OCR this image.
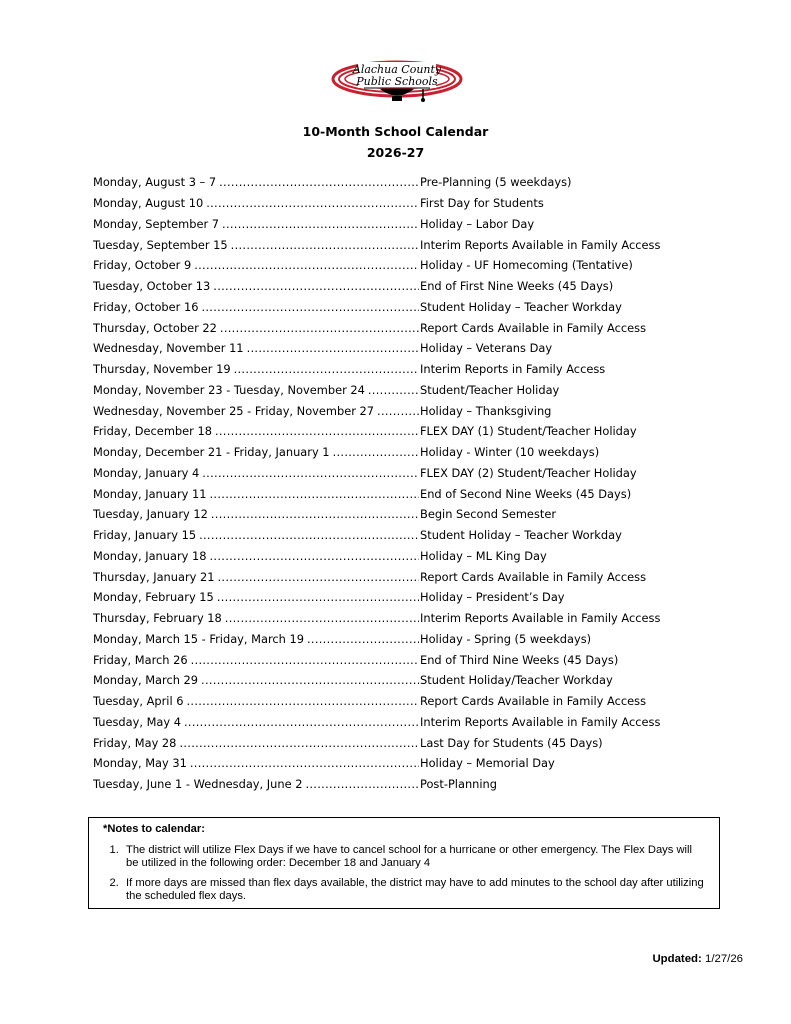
Alachua County
Public Schools
10-Month School Calendar
2026-27
Monday, August 3 – 7 .....	Pre-Planning (5 weekdays)
Monday, August 10 .....	First Day for Students
Monday, September 7 .....	Holiday – Labor Day
Tuesday, September 15 .....	Interim Reports Available in Family Access
Friday, October 9 .....	Holiday - UF Homecoming (Tentative)
Tuesday, October 13 .....	End of First Nine Weeks (45 Days)
Friday, October 16 .....	Student Holiday – Teacher Workday
Thursday, October 22 .....	Report Cards Available in Family Access
Wednesday, November 11 .....	Holiday – Veterans Day
Thursday, November 19 .....	Interim Reports in Family Access
Monday, November 23 - Tuesday, November 24 .....	Student/Teacher Holiday
Wednesday, November 25 - Friday, November 27 .....	Holiday – Thanksgiving
Friday, December 18 .....	FLEX DAY (1) Student/Teacher Holiday
Monday, December 21 - Friday, January 1 .....	Holiday - Winter (10 weekdays)
Monday, January 4 .....	FLEX DAY (2) Student/Teacher Holiday
Monday, January 11 .....	End of Second Nine Weeks (45 Days)
Tuesday, January 12 .....	Begin Second Semester
Friday, January 15 .....	Student Holiday – Teacher Workday
Monday, January 18 .....	Holiday – ML King Day
Thursday, January 21 .....	Report Cards Available in Family Access
Monday, February 15 .....	Holiday – President’s Day
Thursday, February 18 .....	Interim Reports Available in Family Access
Monday, March 15 - Friday, March 19 .....	Holiday - Spring (5 weekdays)
Friday, March 26 .....	End of Third Nine Weeks (45 Days)
Monday, March 29 .....	Student Holiday/Teacher Workday
Tuesday, April 6 .....	Report Cards Available in Family Access
Tuesday, May 4 .....	Interim Reports Available in Family Access
Friday, May 28 .....	Last Day for Students (45 Days)
Monday, May 31 .....	Holiday – Memorial Day
Tuesday, June 1 - Wednesday, June 2 .....	Post-Planning
*Notes to calendar:
1. The district will utilize Flex Days if we have to cancel school for a hurricane or other emergency. The Flex Days will be utilized in the following order: December 18 and January 4
2. If more days are missed than flex days available, the district may have to add minutes to the school day after utilizing the scheduled flex days.
Updated: 1/27/26
